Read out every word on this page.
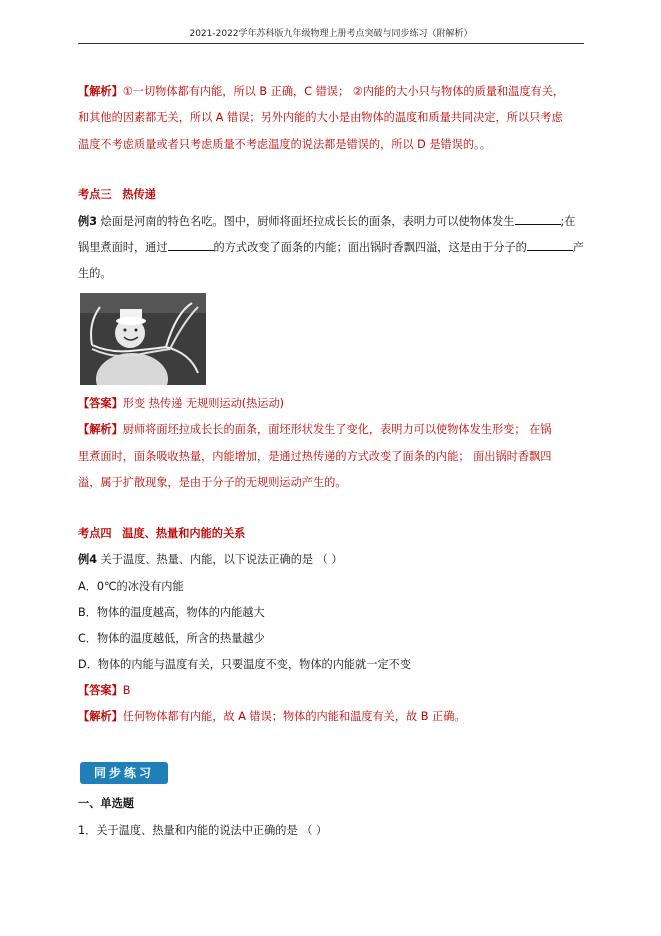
2021-2022学年苏科版九年级物理上册考点突破与同步练习（附解析）
【解析】①一切物体都有内能，所以 B 正确，C 错误； ②内能的大小只与物体的质量和温度有关，
和其他的因素都无关，所以 A 错误；另外内能的大小是由物体的温度和质量共同决定，所以只考虑
温度不考虑质量或者只考虑质量不考虑温度的说法都是错误的，所以 D 是错误的。。
考点三 热传递
例3 烩面是河南的特色名吃。图中，厨师将面坯拉成长长的面条，表明力可以使物体发生	;在
锅里煮面时，通过	的方式改变了面条的内能；面出锅时香飘四溢，这是由于分子的	产
生的。
【答案】形变 热传递 无规则运动(热运动)
【解析】厨师将面坯拉成长长的面条，面坯形状发生了变化，表明力可以使物体发生形变； 在锅
里煮面时，面条吸收热量，内能增加，是通过热传递的方式改变了面条的内能； 面出锅时香飘四
溢，属于扩散现象，是由于分子的无规则运动产生的。
考点四 温度、热量和内能的关系
例4 关于温度、热量、内能，以下说法正确的是 （ ）
A．0℃的冰没有内能
B．物体的温度越高，物体的内能越大
C．物体的温度越低，所含的热量越少
D．物体的内能与温度有关，只要温度不变，物体的内能就一定不变
【答案】B
【解析】任何物体都有内能，故 A 错误；物体的内能和温度有关，故 B 正确。
同步练习
一、单选题
1．关于温度、热量和内能的说法中正确的是 （ ）
